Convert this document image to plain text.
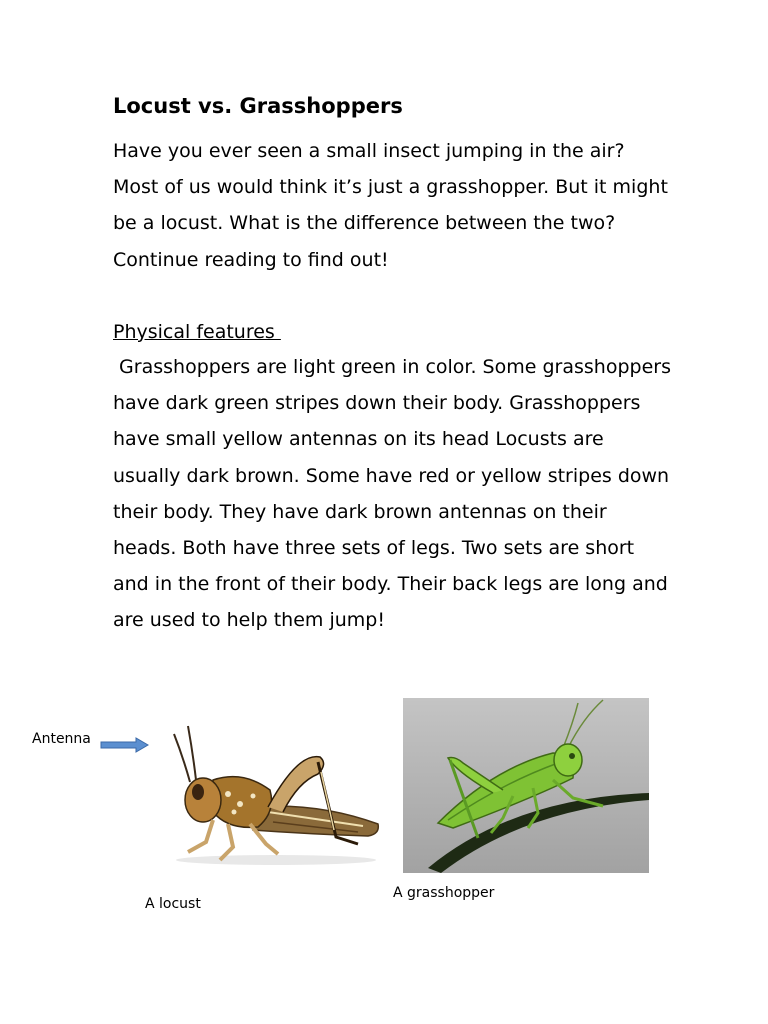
Locust vs. Grasshoppers

Have you ever seen a small insect jumping in the air? Most of us would think it’s just a grasshopper. But it might be a locust. What is the difference between the two? Continue reading to find out!

Physical features

Grasshoppers are light green in color. Some grasshoppers have dark green stripes down their body. Grasshoppers have small yellow antennas on its head Locusts are usually dark brown. Some have red or yellow stripes down their body. They have dark brown antennas on their heads. Both have three sets of legs. Two sets are short and in the front of their body. Their back legs are long and are used to help them jump!

Antenna
A grasshopper
A locust
